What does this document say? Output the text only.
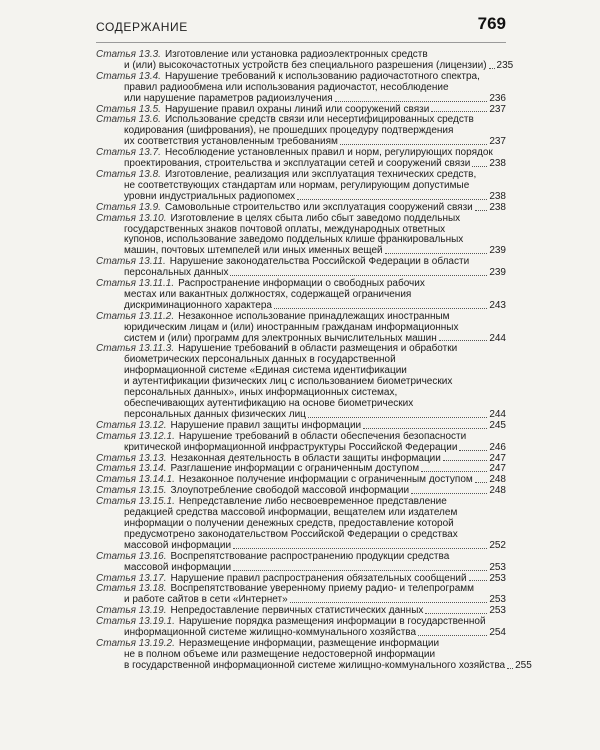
СОДЕРЖАНИЕ	769
Статья 13.3. Изготовление или установка радиоэлектронных средств
и (или) высокочастотных устройств без специального разрешения (лицензии) 235
Статья 13.4. Нарушение требований к использованию радиочастотного спектра,
правил радиообмена или использования радиочастот, несоблюдение
или нарушение параметров радиоизлучения	236
Статья 13.5. Нарушение правил охраны линий или сооружений связи	237
Статья 13.6. Использование средств связи или несертифицированных средств
кодирования (шифрования), не прошедших процедуру подтверждения
их соответствия установленным требованиям	237
Статья 13.7. Несоблюдение установленных правил и норм, регулирующих порядок
проектирования, строительства и эксплуатации сетей и сооружений связи 238
Статья 13.8. Изготовление, реализация или эксплуатация технических средств,
не соответствующих стандартам или нормам, регулирующим допустимые
уровни индустриальных радиопомех	238
Статья 13.9. Самовольные строительство или эксплуатация сооружений связи 238
Статья 13.10. Изготовление в целях сбыта либо сбыт заведомо поддельных
государственных знаков почтовой оплаты, международных ответных
купонов, использование заведомо поддельных клише франкировальных
машин, почтовых штемпелей или иных именных вещей	239
Статья 13.11. Нарушение законодательства Российской Федерации в области
персональных данных	239
Статья 13.11.1. Распространение информации о свободных рабочих
местах или вакантных должностях, содержащей ограничения
дискриминационного характера	243
Статья 13.11.2. Незаконное использование принадлежащих иностранным
юридическим лицам и (или) иностранным гражданам информационных
систем и (или) программ для электронных вычислительных машин	244
Статья 13.11.3. Нарушение требований в области размещения и обработки
биометрических персональных данных в государственной
информационной системе «Единая система идентификации
и аутентификации физических лиц с использованием биометрических
персональных данных», иных информационных системах,
обеспечивающих аутентификацию на основе биометрических
персональных данных физических лиц	244
Статья 13.12. Нарушение правил защиты информации	245
Статья 13.12.1. Нарушение требований в области обеспечения безопасности
критической информационной инфраструктуры Российской Федерации	246
Статья 13.13. Незаконная деятельность в области защиты информации	247
Статья 13.14. Разглашение информации с ограниченным доступом	247
Статья 13.14.1. Незаконное получение информации с ограниченным доступом 248
Статья 13.15. Злоупотребление свободой массовой информации	248
Статья 13.15.1. Непредставление либо несвоевременное представление
редакцией средства массовой информации, вещателем или издателем
информации о получении денежных средств, предоставление которой
предусмотрено законодательством Российской Федерации о средствах
массовой информации	252
Статья 13.16. Воспрепятствование распространению продукции средства
массовой информации	253
Статья 13.17. Нарушение правил распространения обязательных сообщений 253
Статья 13.18. Воспрепятствование уверенному приему радио- и телепрограмм
и работе сайтов в сети «Интернет»	253
Статья 13.19. Непредоставление первичных статистических данных	253
Статья 13.19.1. Нарушение порядка размещения информации в государственной
информационной системе жилищно-коммунального хозяйства	254
Статья 13.19.2. Неразмещение информации, размещение информации
не в полном объеме или размещение недостоверной информации
в государственной информационной системе жилищно-коммунального хозяйства 255
